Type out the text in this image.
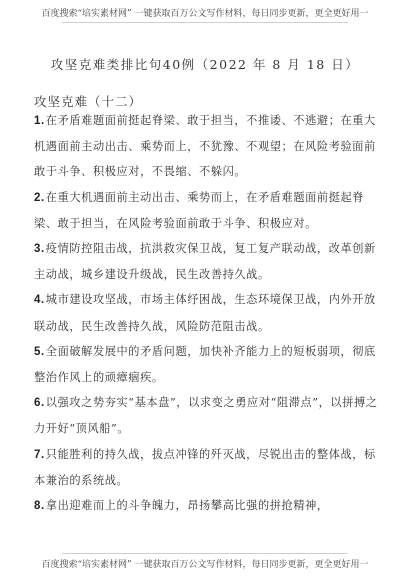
百度搜索“培实素材网” 一键获取百万公文写作材料，每日同步更新，更全更好用一
攻坚克难类排比句40例（2022 年 8 月 18 日）
攻坚克难（十二）

1.在矛盾难题面前挺起脊梁、敢于担当，不推诿、不逃避；在重大机遇面前主动出击、乘势而上，不犹豫、不观望；在风险考验面前敢于斗争、积极应对，不畏缩、不躲闪。

2.在重大机遇面前主动出击、乘势而上，在矛盾难题面前挺起脊梁、敢于担当，在风险考验面前敢于斗争、积极应对。

3.疫情防控阻击战，抗洪救灾保卫战，复工复产联动战，改革创新主动战，城乡建设升级战，民生改善持久战。

4.城市建设攻坚战，市场主体纾困战，生态环境保卫战，内外开放联动战，民生改善持久战，风险防范阻击战。

5.全面破解发展中的矛盾问题，加快补齐能力上的短板弱项，彻底整治作风上的顽瘴痼疾。

6.以强攻之势夯实“基本盘”，以求变之勇应对“阻滞点”，以拼搏之力开好“顶风船”。

7.只能胜利的持久战，拔点冲锋的歼灭战，尽锐出击的整体战，标本兼治的系统战。

8.拿出迎难而上的斗争魄力，昂扬攀高比强的拼抢精神，

百度搜索“培实素材网” 一键获取百万公文写作材料，每日同步更新，更全更好用一
